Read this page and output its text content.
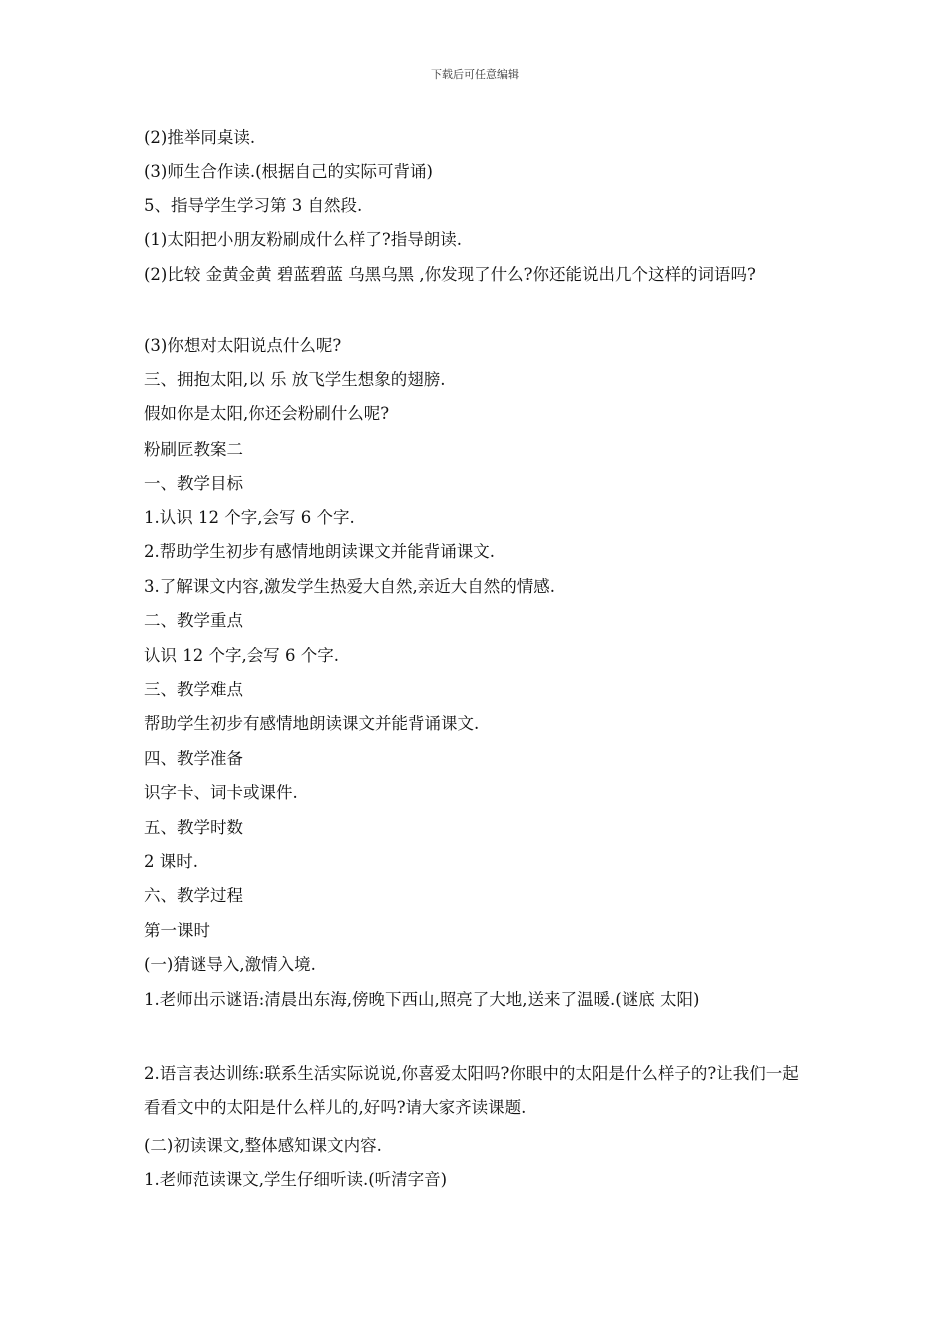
下载后可任意编辑
(2)推举同桌读.
(3)师生合作读.(根据自己的实际可背诵)
5、指导学生学习第 3 自然段.
(1)太阳把小朋友粉刷成什么样了?指导朗读.
(2)比较 金黄金黄 碧蓝碧蓝 乌黑乌黑 ,你发现了什么?你还能说出几个这样的词语吗?
(3)你想对太阳说点什么呢?
三、拥抱太阳,以 乐 放飞学生想象的翅膀.
假如你是太阳,你还会粉刷什么呢?
粉刷匠教案二
一、教学目标
1.认识 12 个字,会写 6 个字.
2.帮助学生初步有感情地朗读课文并能背诵课文.
3.了解课文内容,激发学生热爱大自然,亲近大自然的情感.
二、教学重点
认识 12 个字,会写 6 个字.
三、教学难点
帮助学生初步有感情地朗读课文并能背诵课文.
四、教学准备
识字卡、词卡或课件.
五、教学时数
2 课时.
六、教学过程
第一课时
(一)猜谜导入,激情入境.
1.老师出示谜语:清晨出东海,傍晚下西山,照亮了大地,送来了温暖.(谜底 太阳)
2.语言表达训练:联系生活实际说说,你喜爱太阳吗?你眼中的太阳是什么样子的?让我们一起看看文中的太阳是什么样儿的,好吗?请大家齐读课题.
(二)初读课文,整体感知课文内容.
1.老师范读课文,学生仔细听读.(听清字音)
